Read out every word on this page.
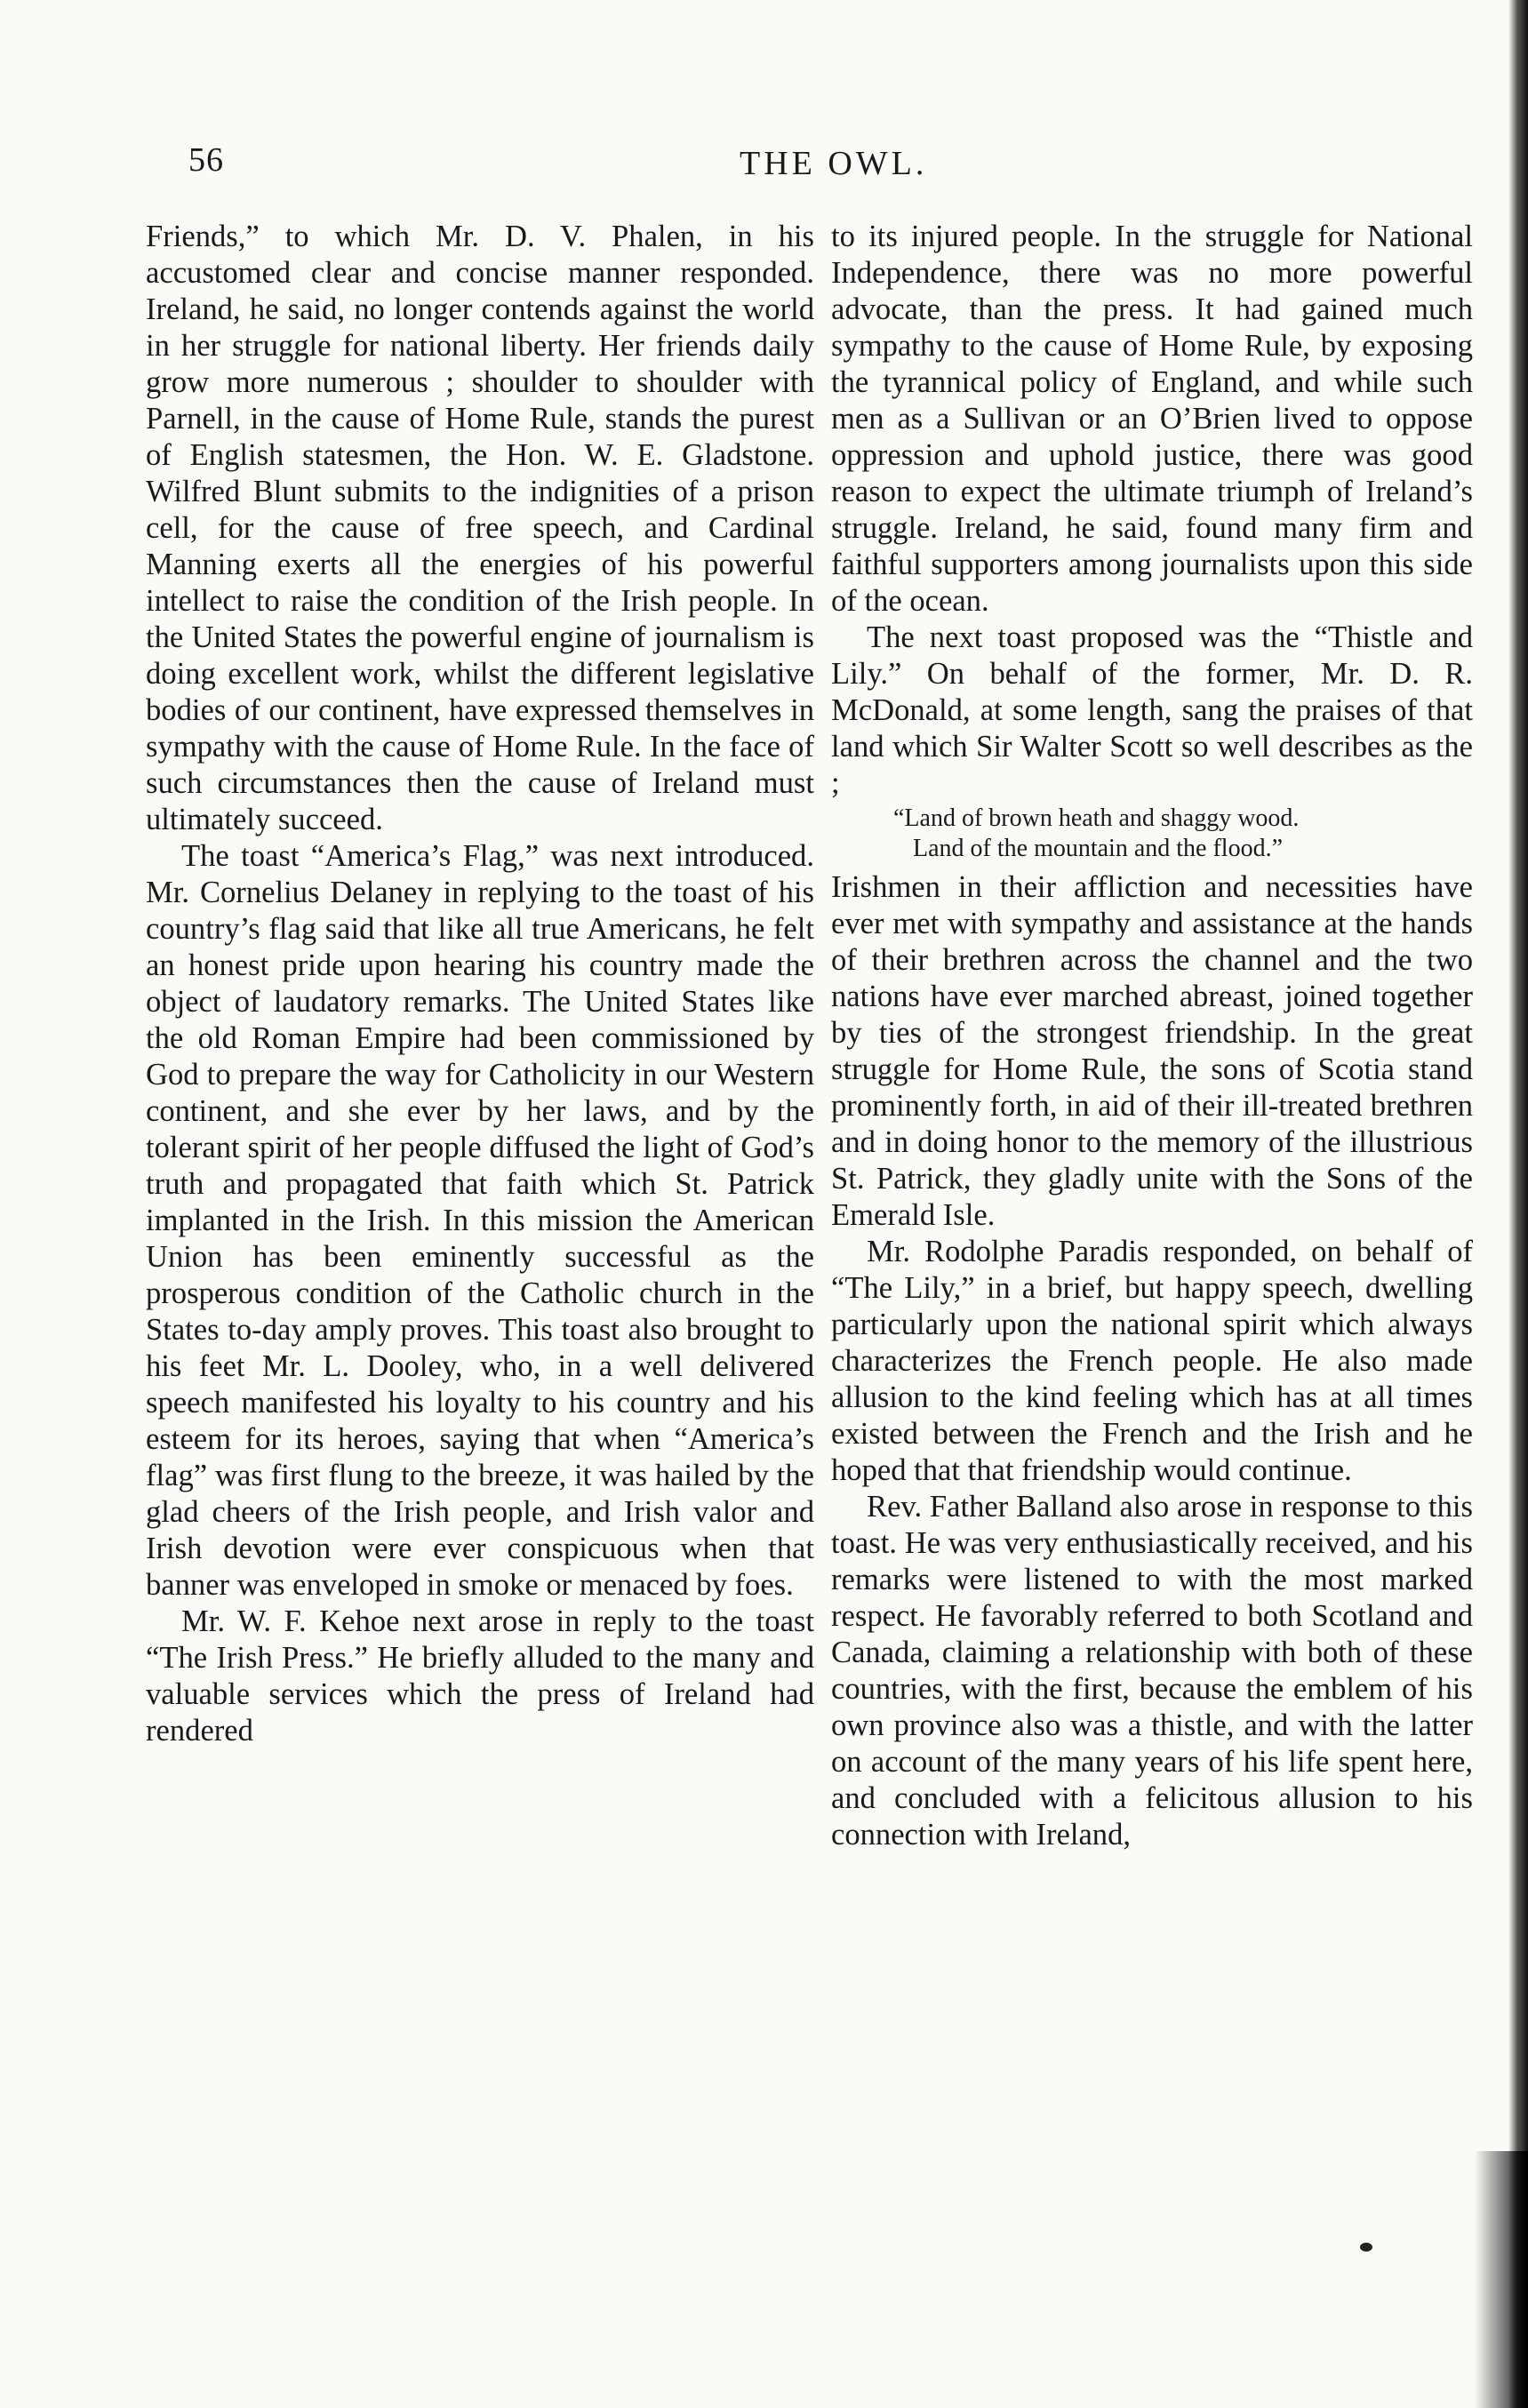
56	THE OWL.

Friends,” to which Mr. D. V. Phalen, in his accustomed clear and concise manner responded. Ireland, he said, no longer contends against the world in her struggle for national liberty. Her friends daily grow more numerous ; shoulder to shoulder with Parnell, in the cause of Home Rule, stands the purest of English statesmen, the Hon. W. E. Gladstone. Wilfred Blunt submits to the indignities of a prison cell, for the cause of free speech, and Cardinal Manning exerts all the energies of his powerful intellect to raise the condition of the Irish people. In the United States the powerful engine of journalism is doing excellent work, whilst the different legislative bodies of our continent, have expressed themselves in sympathy with the cause of Home Rule. In the face of such circumstances then the cause of Ireland must ultimately succeed.

The toast “America’s Flag,” was next introduced. Mr. Cornelius Delaney in replying to the toast of his country’s flag said that like all true Americans, he felt an honest pride upon hearing his country made the object of laudatory remarks. The United States like the old Roman Empire had been commissioned by God to prepare the way for Catholicity in our Western continent, and she ever by her laws, and by the tolerant spirit of her people diffused the light of God’s truth and propagated that faith which St. Patrick implanted in the Irish. In this mission the American Union has been eminently successful as the prosperous condition of the Catholic church in the States to-day amply proves. This toast also brought to his feet Mr. L. Dooley, who, in a well delivered speech manifested his loyalty to his country and his esteem for its heroes, saying that when “America’s flag” was first flung to the breeze, it was hailed by the glad cheers of the Irish people, and Irish valor and Irish devotion were ever conspicuous when that banner was enveloped in smoke or menaced by foes.

Mr. W. F. Kehoe next arose in reply to the toast “The Irish Press.” He briefly alluded to the many and valuable services which the press of Ireland had rendered

to its injured people. In the struggle for National Independence, there was no more powerful advocate, than the press. It had gained much sympathy to the cause of Home Rule, by exposing the tyrannical policy of England, and while such men as a Sullivan or an O’Brien lived to oppose oppression and uphold justice, there was good reason to expect the ultimate triumph of Ireland’s struggle. Ireland, he said, found many firm and faithful supporters among journalists upon this side of the ocean.

The next toast proposed was the “Thistle and Lily.” On behalf of the former, Mr. D. R. McDonald, at some length, sang the praises of that land which Sir Walter Scott so well describes as the ;

“Land of brown heath and shaggy wood.
Land of the mountain and the flood.”

Irishmen in their affliction and necessities have ever met with sympathy and assistance at the hands of their brethren across the channel and the two nations have ever marched abreast, joined together by ties of the strongest friendship. In the great struggle for Home Rule, the sons of Scotia stand prominently forth, in aid of their ill-treated brethren and in doing honor to the memory of the illustrious St. Patrick, they gladly unite with the Sons of the Emerald Isle.

Mr. Rodolphe Paradis responded, on behalf of “The Lily,” in a brief, but happy speech, dwelling particularly upon the national spirit which always characterizes the French people. He also made allusion to the kind feeling which has at all times existed between the French and the Irish and he hoped that that friendship would continue.

Rev. Father Balland also arose in response to this toast. He was very enthusiastically received, and his remarks were listened to with the most marked respect. He favorably referred to both Scotland and Canada, claiming a relationship with both of these countries, with the first, because the emblem of his own province also was a thistle, and with the latter on account of the many years of his life spent here, and concluded with a felicitous allusion to his connection with Ireland,
